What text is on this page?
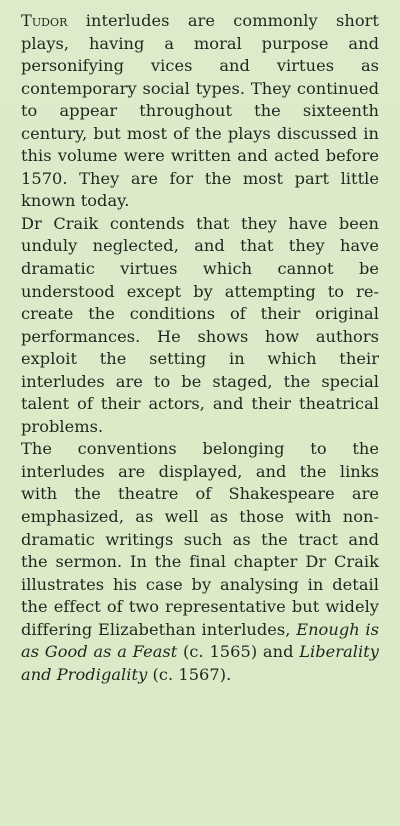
Tudor interludes are commonly short plays, having a moral purpose and personifying vices and virtues as contemporary social types. They continued to appear throughout the sixteenth century, but most of the plays discussed in this volume were written and acted before 1570. They are for the most part little known today.

Dr Craik contends that they have been unduly neglected, and that they have dramatic virtues which cannot be understood except by attempting to re-create the conditions of their original performances. He shows how authors exploit the setting in which their interludes are to be staged, the special talent of their actors, and their theatrical problems.

The conventions belonging to the interludes are displayed, and the links with the theatre of Shakespeare are emphasized, as well as those with non-dramatic writings such as the tract and the sermon. In the final chapter Dr Craik illustrates his case by analysing in detail the effect of two representative but widely differing Elizabethan interludes, Enough is as Good as a Feast (c. 1565) and Liberality and Prodigality (c. 1567).
